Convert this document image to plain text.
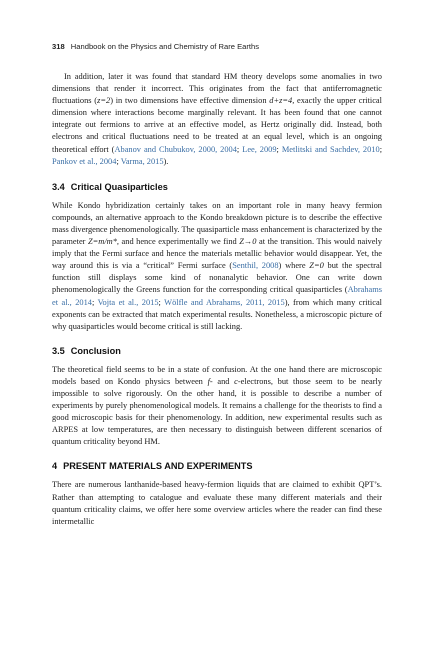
318 Handbook on the Physics and Chemistry of Rare Earths

In addition, later it was found that standard HM theory develops some anomalies in two dimensions that render it incorrect. This originates from the fact that antiferromagnetic fluctuations (z=2) in two dimensions have effective dimension d+z=4, exactly the upper critical dimension where interactions become marginally relevant. It has been found that one cannot integrate out fermions to arrive at an effective model, as Hertz originally did. Instead, both electrons and critical fluctuations need to be treated at an equal level, which is an ongoing theoretical effort (Abanov and Chubukov, 2000, 2004; Lee, 2009; Metlitski and Sachdev, 2010; Pankov et al., 2004; Varma, 2015).

3.4 Critical Quasiparticles

While Kondo hybridization certainly takes on an important role in many heavy fermion compounds, an alternative approach to the Kondo breakdown picture is to describe the effective mass divergence phenomenologically. The quasiparticle mass enhancement is characterized by the parameter Z=m/m*, and hence experimentally we find Z→0 at the transition. This would naively imply that the Fermi surface and hence the materials metallic behavior would disappear. Yet, the way around this is via a “critical” Fermi surface (Senthil, 2008) where Z=0 but the spectral function still displays some kind of nonanalytic behavior. One can write down phenomenologically the Greens function for the corresponding critical quasiparticles (Abrahams et al., 2014; Vojta et al., 2015; Wölfle and Abrahams, 2011, 2015), from which many critical exponents can be extracted that match experimental results. Nonetheless, a microscopic picture of why quasiparticles would become critical is still lacking.

3.5 Conclusion

The theoretical field seems to be in a state of confusion. At the one hand there are microscopic models based on Kondo physics between f- and c-electrons, but those seem to be nearly impossible to solve rigorously. On the other hand, it is possible to describe a number of experiments by purely phenomenological models. It remains a challenge for the theorists to find a good microscopic basis for their phenomenology. In addition, new experimental results such as ARPES at low temperatures, are then necessary to distinguish between different scenarios of quantum criticality beyond HM.

4 PRESENT MATERIALS AND EXPERIMENTS

There are numerous lanthanide-based heavy-fermion liquids that are claimed to exhibit QPT’s. Rather than attempting to catalogue and evaluate these many different materials and their quantum criticality claims, we offer here some overview articles where the reader can find these intermetallic
